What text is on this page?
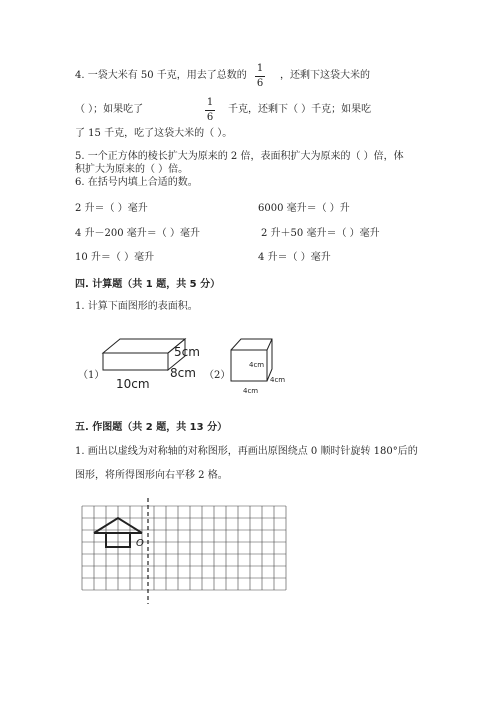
4. 一袋大米有 50 千克，用去了总数的
1
6
，还剩下这袋大米的
（ ）；如果吃了
1
6
千克，还剩下（ ）千克；如果吃
了 15 千克，吃了这袋大米的（ ）。
5. 一个正方体的棱长扩大为原来的 2 倍，表面积扩大为原来的（ ）倍，体
积扩大为原来的（ ）倍。
6. 在括号内填上合适的数。
2 升＝（ ）毫升	6000 毫升＝（ ）升
4 升－200 毫升＝（ ）毫升	2 升＋50 毫升＝（ ）毫升
10 升＝（ ）毫升	4 升＝（ ）毫升
四. 计算题（共 1 题，共 5 分）
1. 计算下面图形的表面积。
（1）
5cm
8cm
10cm
（2）
4cm
4cm
4cm
五. 作图题（共 2 题，共 13 分）
1. 画出以虚线为对称轴的对称图形，再画出原图绕点 0 顺时针旋转 180°后的
图形，将所得图形向右平移 2 格。
O
